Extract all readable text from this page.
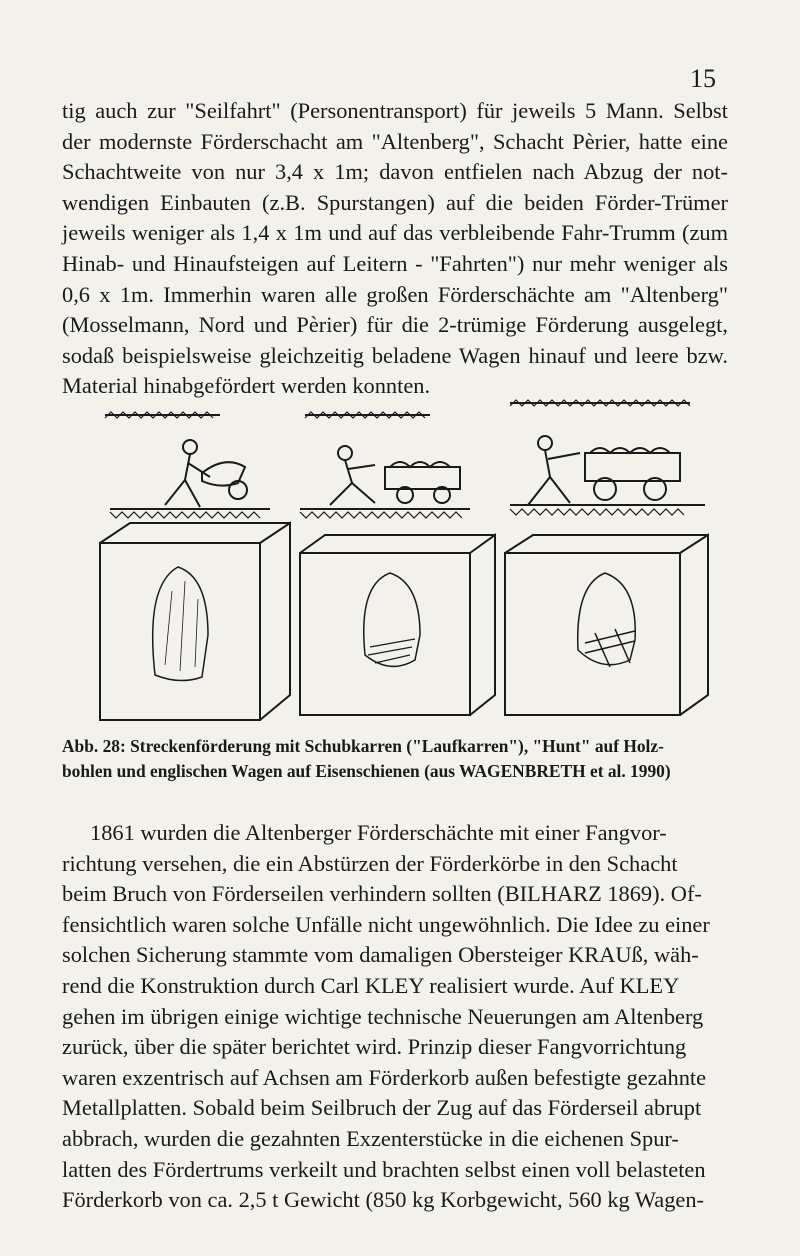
15
tig auch zur "Seilfahrt" (Personentransport) für jeweils 5 Mann. Selbst
der modernste Förderschacht am "Altenberg", Schacht Pèrier, hatte eine
Schachtweite von nur 3,4 x 1m; davon entfielen nach Abzug der not-
wendigen Einbauten (z.B. Spurstangen) auf die beiden Förder-Trümer
jeweils weniger als 1,4 x 1m und auf das verbleibende Fahr-Trumm (zum
Hinab- und Hinaufsteigen auf Leitern - "Fahrten") nur mehr weniger als
0,6 x 1m. Immerhin waren alle großen Förderschächte am "Altenberg"
(Mosselmann, Nord und Pèrier) für die 2-trümige Förderung ausgelegt,
sodaß beispielsweise gleichzeitig beladene Wagen hinauf und leere bzw.
Material hinabgefördert werden konnten.
Abb. 28: Streckenförderung mit Schubkarren ("Laufkarren"), "Hunt" auf Holz-
bohlen und englischen Wagen auf Eisenschienen (aus WAGENBRETH et al. 1990)
1861 wurden die Altenberger Förderschächte mit einer Fangvor-
richtung versehen, die ein Abstürzen der Förderkörbe in den Schacht
beim Bruch von Förderseilen verhindern sollten (BILHARZ 1869). Of-
fensichtlich waren solche Unfälle nicht ungewöhnlich. Die Idee zu einer
solchen Sicherung stammte vom damaligen Obersteiger KRAUß, wäh-
rend die Konstruktion durch Carl KLEY realisiert wurde. Auf KLEY
gehen im übrigen einige wichtige technische Neuerungen am Altenberg
zurück, über die später berichtet wird. Prinzip dieser Fangvorrichtung
waren exzentrisch auf Achsen am Förderkorb außen befestigte gezahnte
Metallplatten. Sobald beim Seilbruch der Zug auf das Förderseil abrupt
abbrach, wurden die gezahnten Exzenterstücke in die eichenen Spur-
latten des Fördertrums verkeilt und brachten selbst einen voll belasteten
Förderkorb von ca. 2,5 t Gewicht (850 kg Korbgewicht, 560 kg Wagen-
